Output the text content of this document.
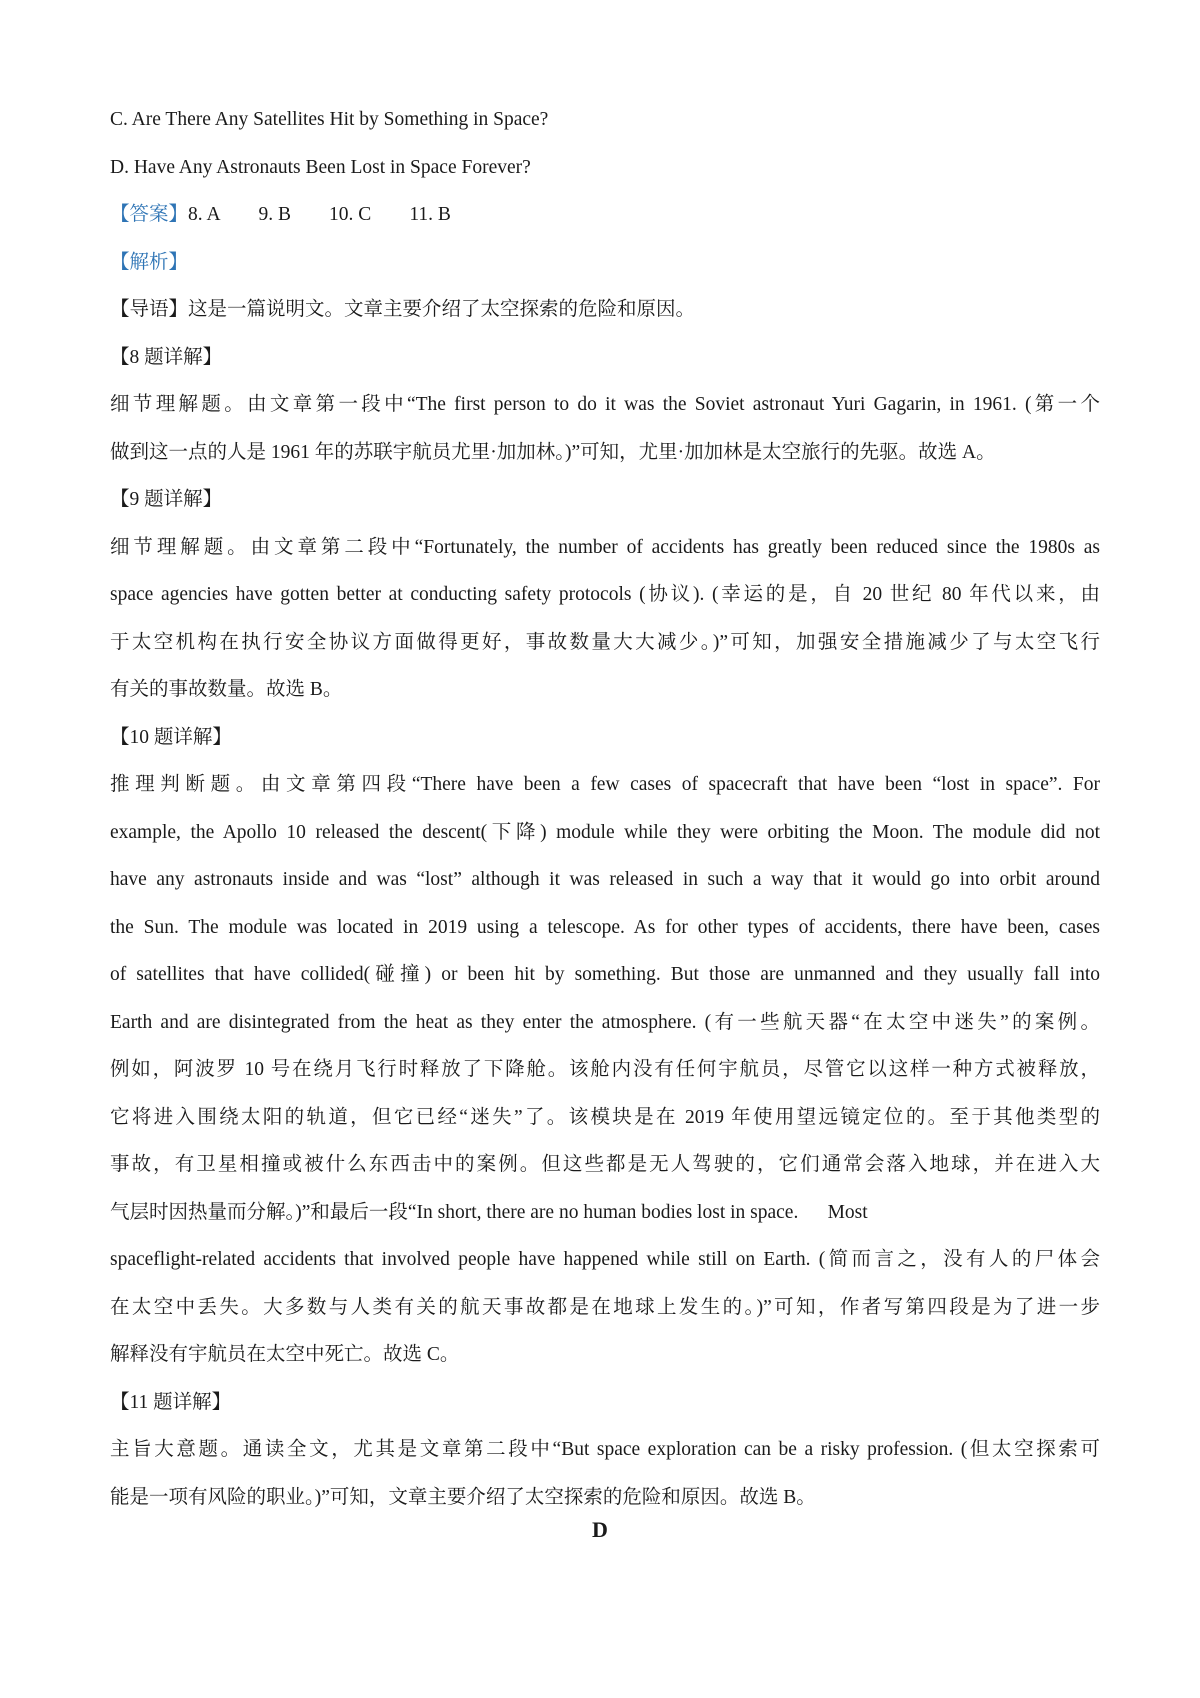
C. Are There Any Satellites Hit by Something in Space?
D. Have Any Astronauts Been Lost in Space Forever?
【答案】8. A 9. B 10. C 11. B
【解析】
【导语】这是一篇说明文。文章主要介绍了太空探索的危险和原因。
【8 题详解】
细节理解题。由文章第一段中“The first person to do it was the Soviet astronaut Yuri Gagarin, in 1961. (第一个
做到这一点的人是 1961 年的苏联宇航员尤里·加加林。)”可知，尤里·加加林是太空旅行的先驱。故选 A。
【9 题详解】
细节理解题。由文章第二段中“Fortunately, the number of accidents has greatly been reduced since the 1980s as
space agencies have gotten better at conducting safety protocols (协议). (幸运的是，自 20 世纪 80 年代以来，由
于太空机构在执行安全协议方面做得更好，事故数量大大减少。)”可知，加强安全措施减少了与太空飞行
有关的事故数量。故选 B。
【10 题详解】
推理判断题。由文章第四段“There have been a few cases of spacecraft that have been “lost in space”. For
example, the Apollo 10 released the descent(下降) module while they were orbiting the Moon. The module did not
have any astronauts inside and was “lost” although it was released in such a way that it would go into orbit around
the Sun. The module was located in 2019 using a telescope. As for other types of accidents, there have been, cases
of satellites that have collided(碰撞) or been hit by something. But those are unmanned and they usually fall into
Earth and are disintegrated from the heat as they enter the atmosphere. (有一些航天器“在太空中迷失”的案例。
例如，阿波罗 10 号在绕月飞行时释放了下降舱。该舱内没有任何宇航员，尽管它以这样一种方式被释放，
它将进入围绕太阳的轨道，但它已经“迷失”了。该模块是在 2019 年使用望远镜定位的。至于其他类型的
事故，有卫星相撞或被什么东西击中的案例。但这些都是无人驾驶的，它们通常会落入地球，并在进入大
气层时因热量而分解。)”和最后一段“In short, there are no human bodies lost in space.      Most
spaceflight-related accidents that involved people have happened while still on Earth. (简而言之，没有人的尸体会
在太空中丢失。大多数与人类有关的航天事故都是在地球上发生的。)”可知，作者写第四段是为了进一步
解释没有宇航员在太空中死亡。故选 C。
【11 题详解】
主旨大意题。通读全文，尤其是文章第二段中“But space exploration can be a risky profession. (但太空探索可
能是一项有风险的职业。)”可知，文章主要介绍了太空探索的危险和原因。故选 B。
D
